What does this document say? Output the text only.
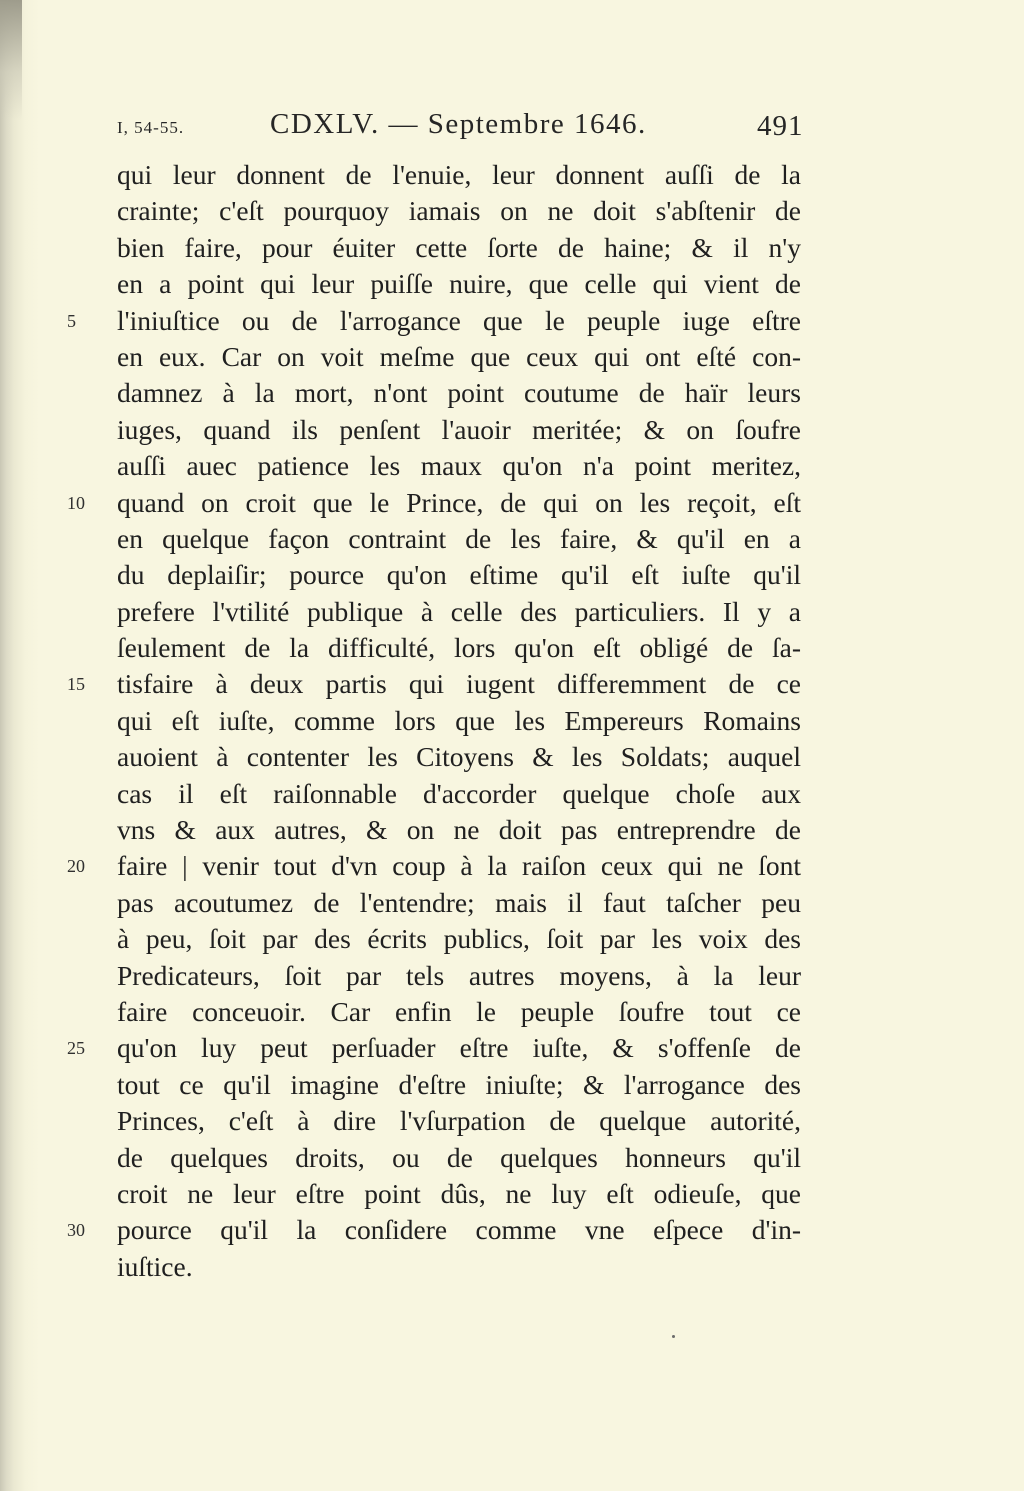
I, 54-55.	CDXLV. — Septembre 1646.	491
qui leur donnent de l'enuie, leur donnent auſſi de la
crainte; c'eſt pourquoy iamais on ne doit s'abſtenir de
bien faire, pour éuiter cette ſorte de haine; & il n'y
en a point qui leur puiſſe nuire, que celle qui vient de
l'iniuſtice ou de l'arrogance que le peuple iuge eſtre
5
en eux. Car on voit meſme que ceux qui ont eſté con-
damnez à la mort, n'ont point coutume de haïr leurs
iuges, quand ils penſent l'auoir meritée; & on ſoufre
auſſi auec patience les maux qu'on n'a point meritez,
quand on croit que le Prince, de qui on les reçoit, eſt
10
en quelque façon contraint de les faire, & qu'il en a
du deplaiſir; pource qu'on eſtime qu'il eſt iuſte qu'il
prefere l'vtilité publique à celle des particuliers. Il y a
ſeulement de la difficulté, lors qu'on eſt obligé de ſa-
tisfaire à deux partis qui iugent differemment de ce
15
qui eſt iuſte, comme lors que les Empereurs Romains
auoient à contenter les Citoyens & les Soldats; auquel
cas il eſt raiſonnable d'accorder quelque choſe aux
vns & aux autres, & on ne doit pas entreprendre de
faire | venir tout d'vn coup à la raiſon ceux qui ne ſont
20
pas acoutumez de l'entendre; mais il faut taſcher peu
à peu, ſoit par des écrits publics, ſoit par les voix des
Predicateurs, ſoit par tels autres moyens, à la leur
faire conceuoir. Car enfin le peuple ſoufre tout ce
qu'on luy peut perſuader eſtre iuſte, & s'offenſe de
25
tout ce qu'il imagine d'eſtre iniuſte; & l'arrogance des
Princes, c'eſt à dire l'vſurpation de quelque autorité,
de quelques droits, ou de quelques honneurs qu'il
croit ne leur eſtre point dûs, ne luy eſt odieuſe, que
pource qu'il la conſidere comme vne eſpece d'in-
30
iuſtice.
